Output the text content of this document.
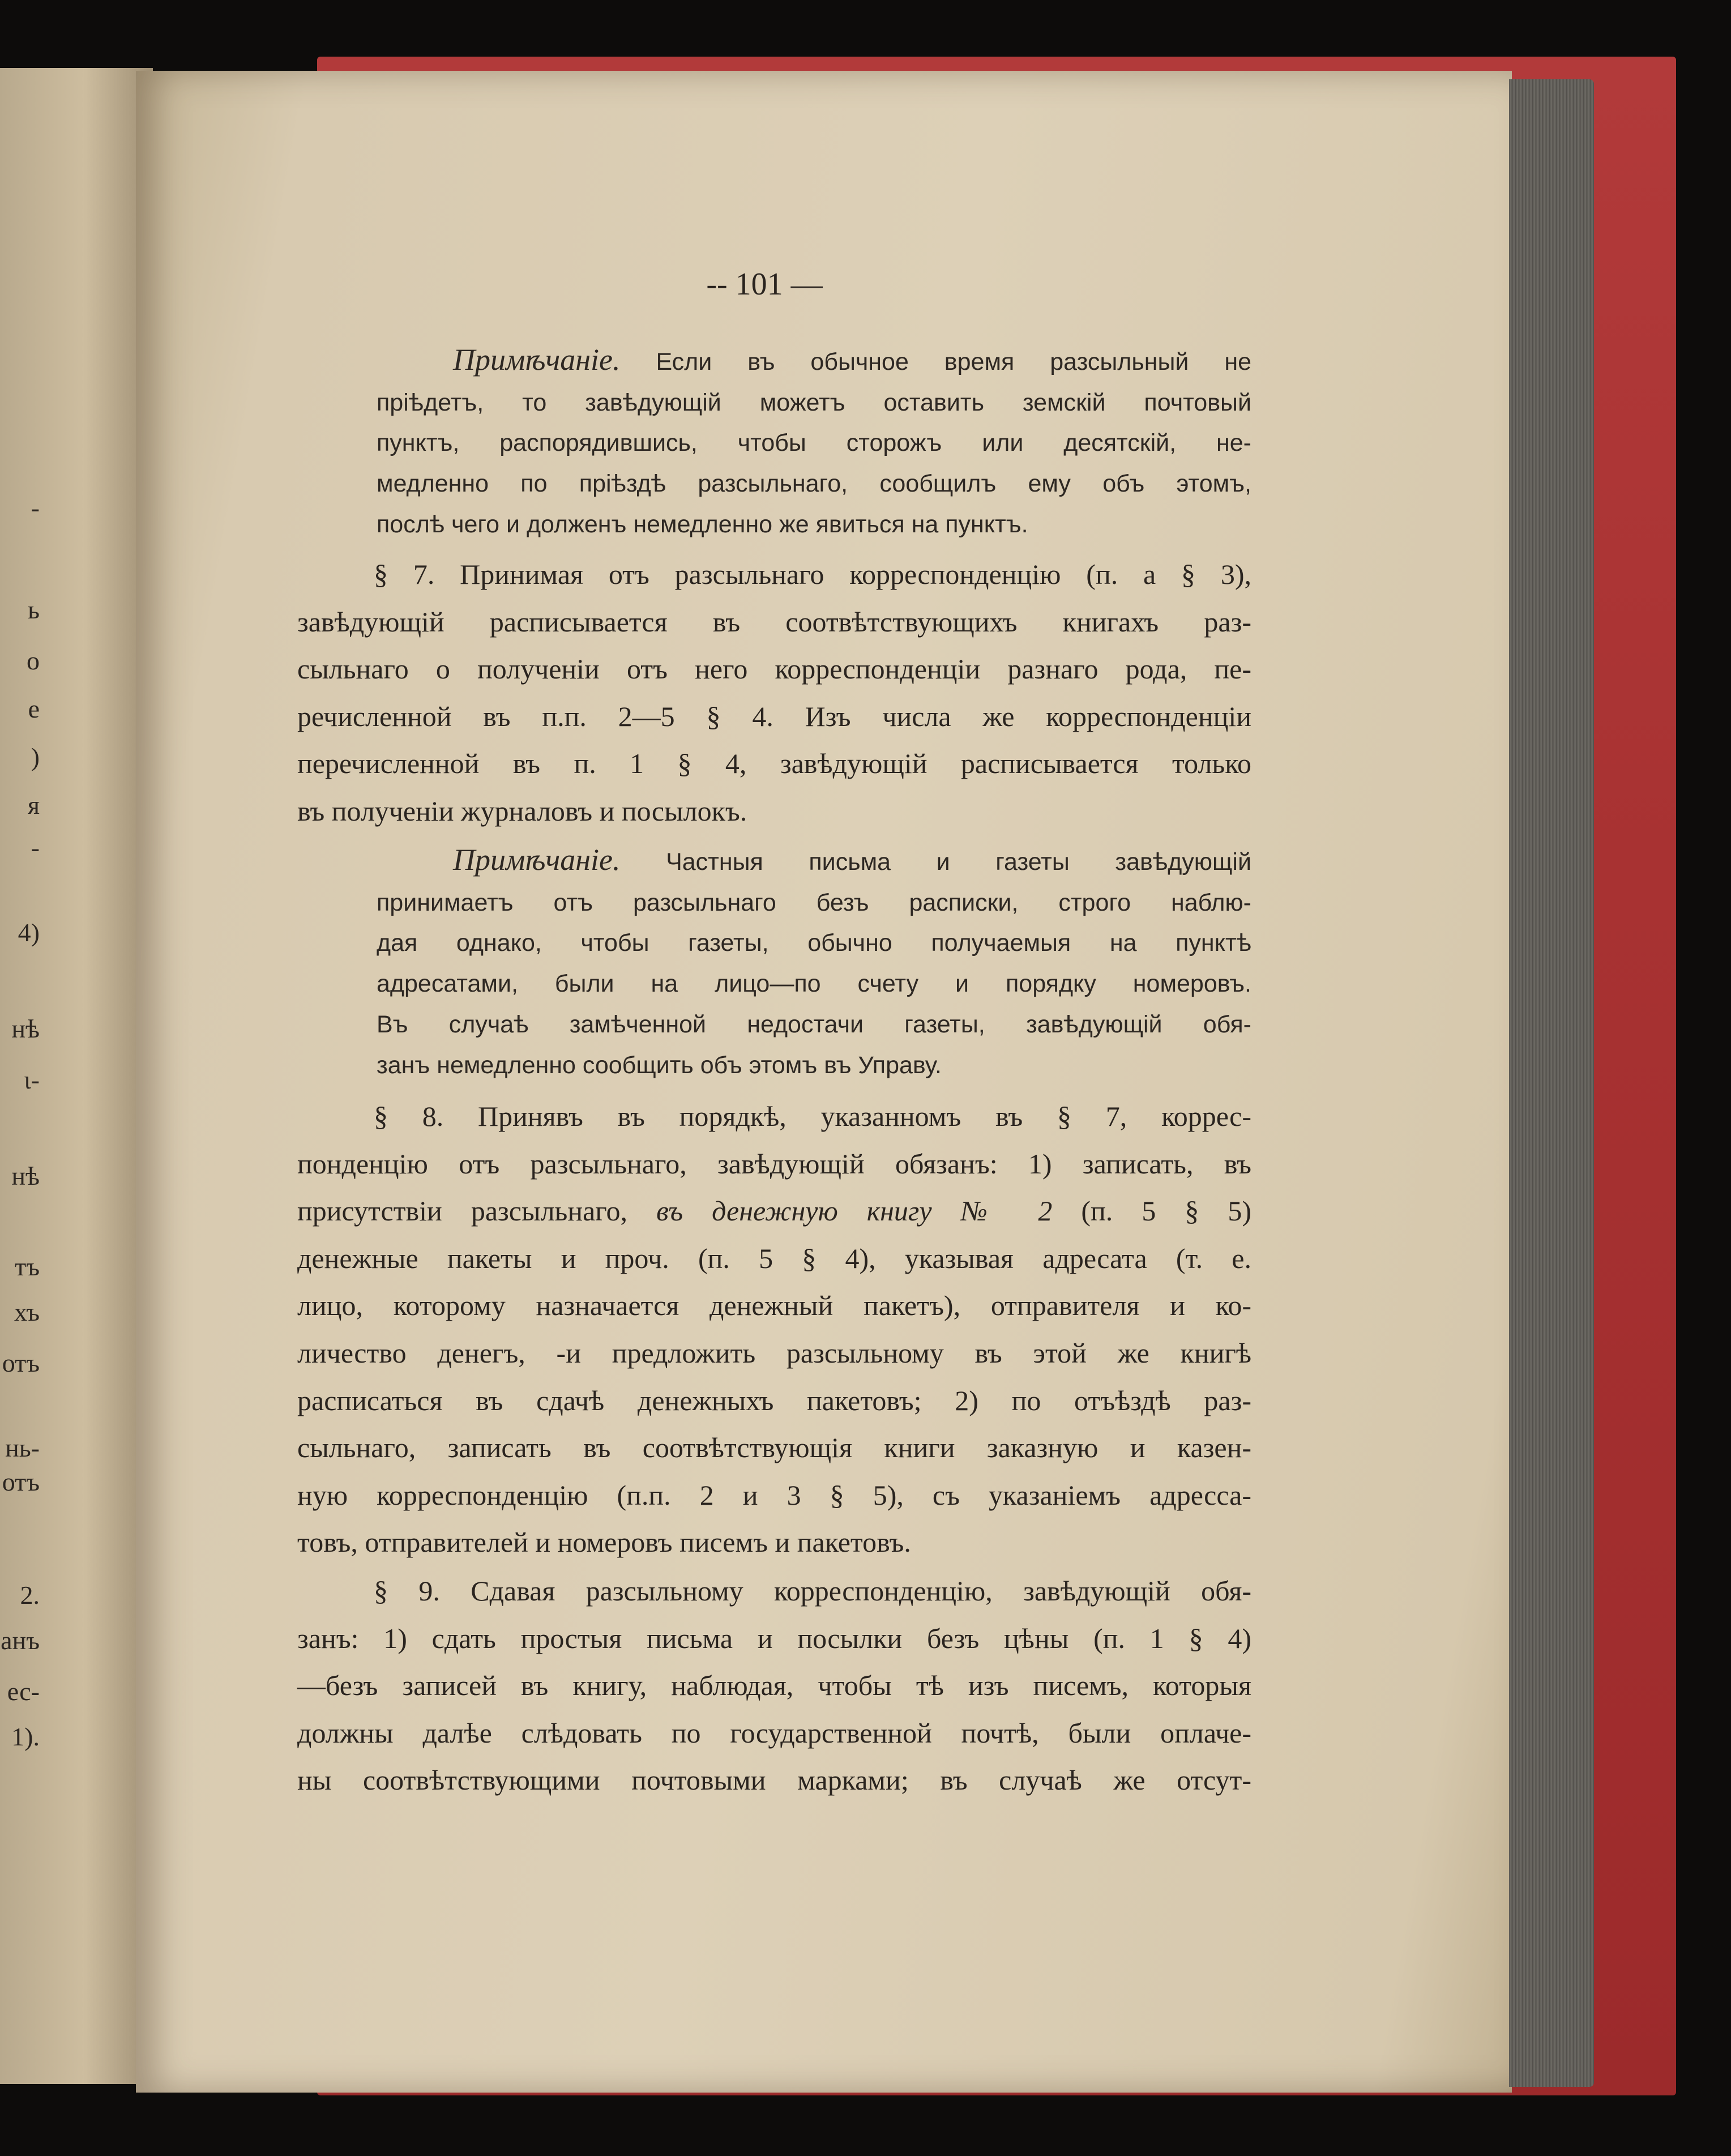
-
ь
о
е
)
я
-
4)
нѣ
ι-
нѣ
тъ
хъ
отъ
нь-
отъ
2.
анъ
ес-
1).
-- 101 —
Примѣчаніе. Если въ обычное время разсыльный не
пріѣдетъ, то завѣдующій можетъ оставить земскій почтовый
пунктъ, распорядившись, чтобы сторожъ или десятскій, не-
медленно по пріѣздѣ разсыльнаго, сообщилъ ему объ этомъ,
послѣ чего и долженъ немедленно же явиться на пунктъ.
§ 7. Принимая отъ разсыльнаго корреспонденцію (п. а § 3),
завѣдующій расписывается въ соотвѣтствующихъ книгахъ раз-
сыльнаго о полученіи отъ него корреспонденціи разнаго рода, пе-
речисленной въ п.п. 2—5 § 4. Изъ числа же корреспонденціи
перечисленной въ п. 1 § 4, завѣдующій расписывается только
въ полученіи журналовъ и посылокъ.
Примѣчаніе. Частныя письма и газеты завѣдующій
принимаетъ отъ разсыльнаго безъ расписки, строго наблю-
дая однако, чтобы газеты, обычно получаемыя на пунктѣ
адресатами, были на лицо—по счету и порядку номеровъ.
Въ случаѣ замѣченной недостачи газеты, завѣдующій обя-
занъ немедленно сообщить объ этомъ въ Управу.
§ 8. Принявъ въ порядкѣ, указанномъ въ § 7, коррес-
понденцію отъ разсыльнаго, завѣдующій обязанъ: 1) записать, въ
присутствіи разсыльнаго, въ денежную книгу № 2 (п. 5 § 5)
денежные пакеты и проч. (п. 5 § 4), указывая адресата (т. е.
лицо, которому назначается денежный пакетъ), отправителя и ко-
личество денегъ, -и предложить разсыльному въ этой же книгѣ
расписаться въ сдачѣ денежныхъ пакетовъ; 2) по отъѣздѣ раз-
сыльнаго, записать въ соотвѣтствующія книги заказную и казен-
ную корреспонденцію (п.п. 2 и 3 § 5), съ указаніемъ адресса-
товъ, отправителей и номеровъ писемъ и пакетовъ.
§ 9. Сдавая разсыльному корреспонденцію, завѣдующій обя-
занъ: 1) сдать простыя письма и посылки безъ цѣны (п. 1 § 4)
—безъ записей въ книгу, наблюдая, чтобы тѣ изъ писемъ, которыя
должны далѣе слѣдовать по государственной почтѣ, были оплаче-
ны соотвѣтствующими почтовыми марками; въ случаѣ же отсут-
